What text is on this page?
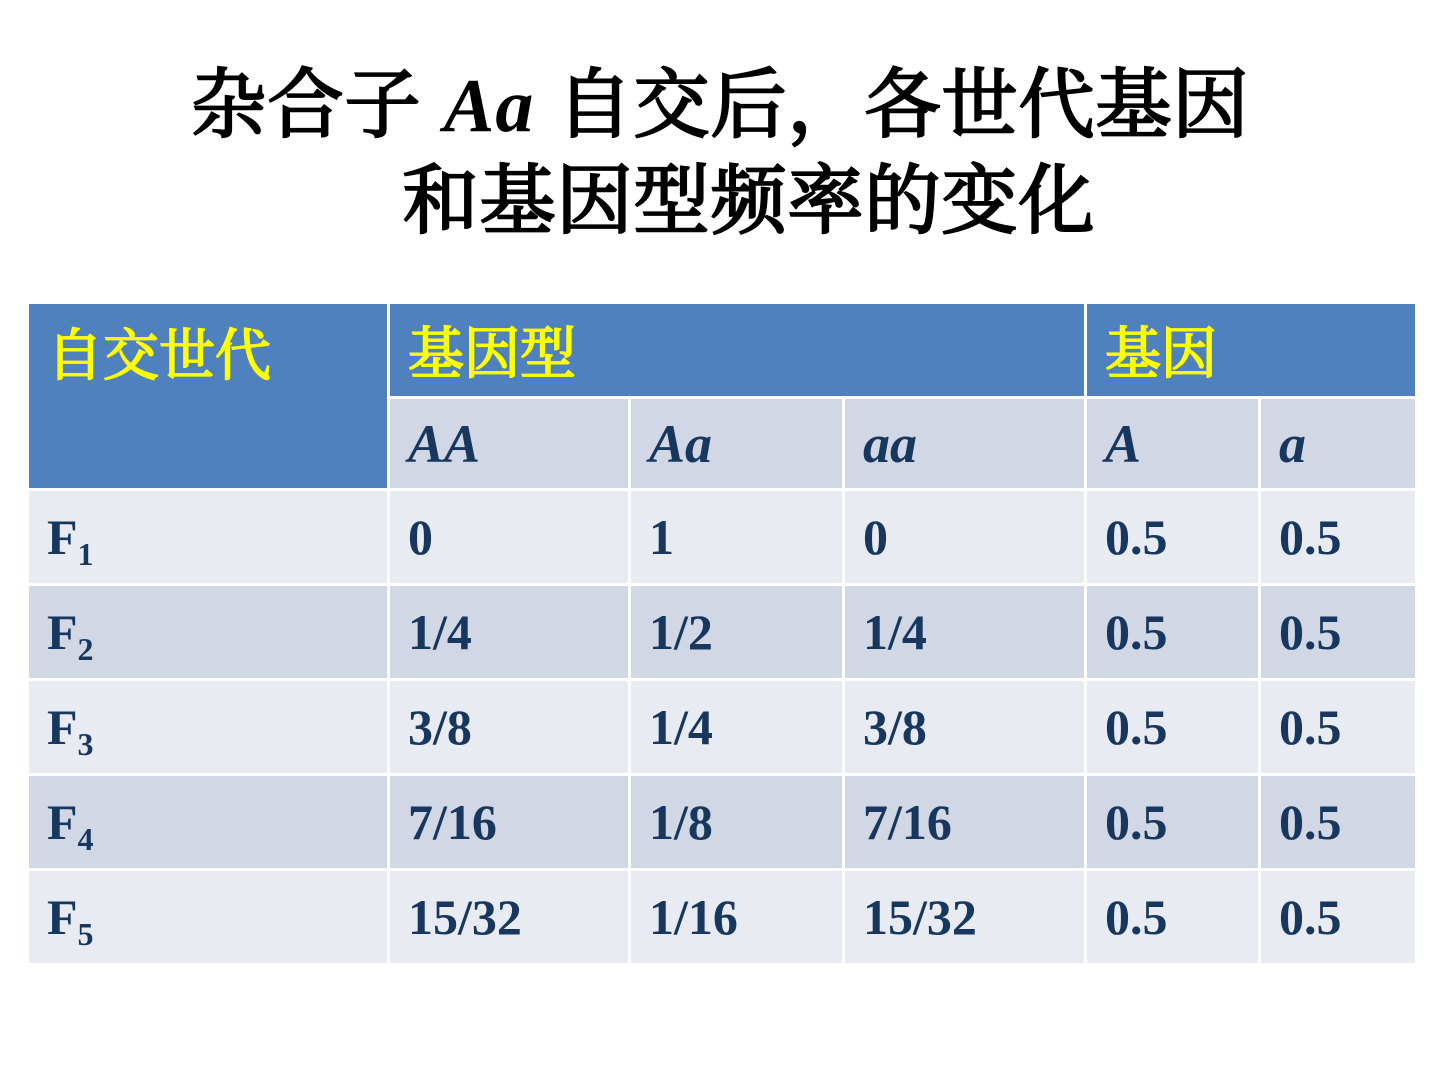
杂合子 Aa 自交后，各世代基因
和基因型频率的变化
自交世代	基因型			基因	
	AA	Aa	aa	A	a
$F_1$	0	1	0	0.5	0.5
$F_2$	1/4	1/2	1/4	0.5	0.5
$F_3$	3/8	1/4	3/8	0.5	0.5
$F_4$	7/16	1/8	7/16	0.5	0.5
$F_5$	15/32	1/16	15/32	0.5	0.5
